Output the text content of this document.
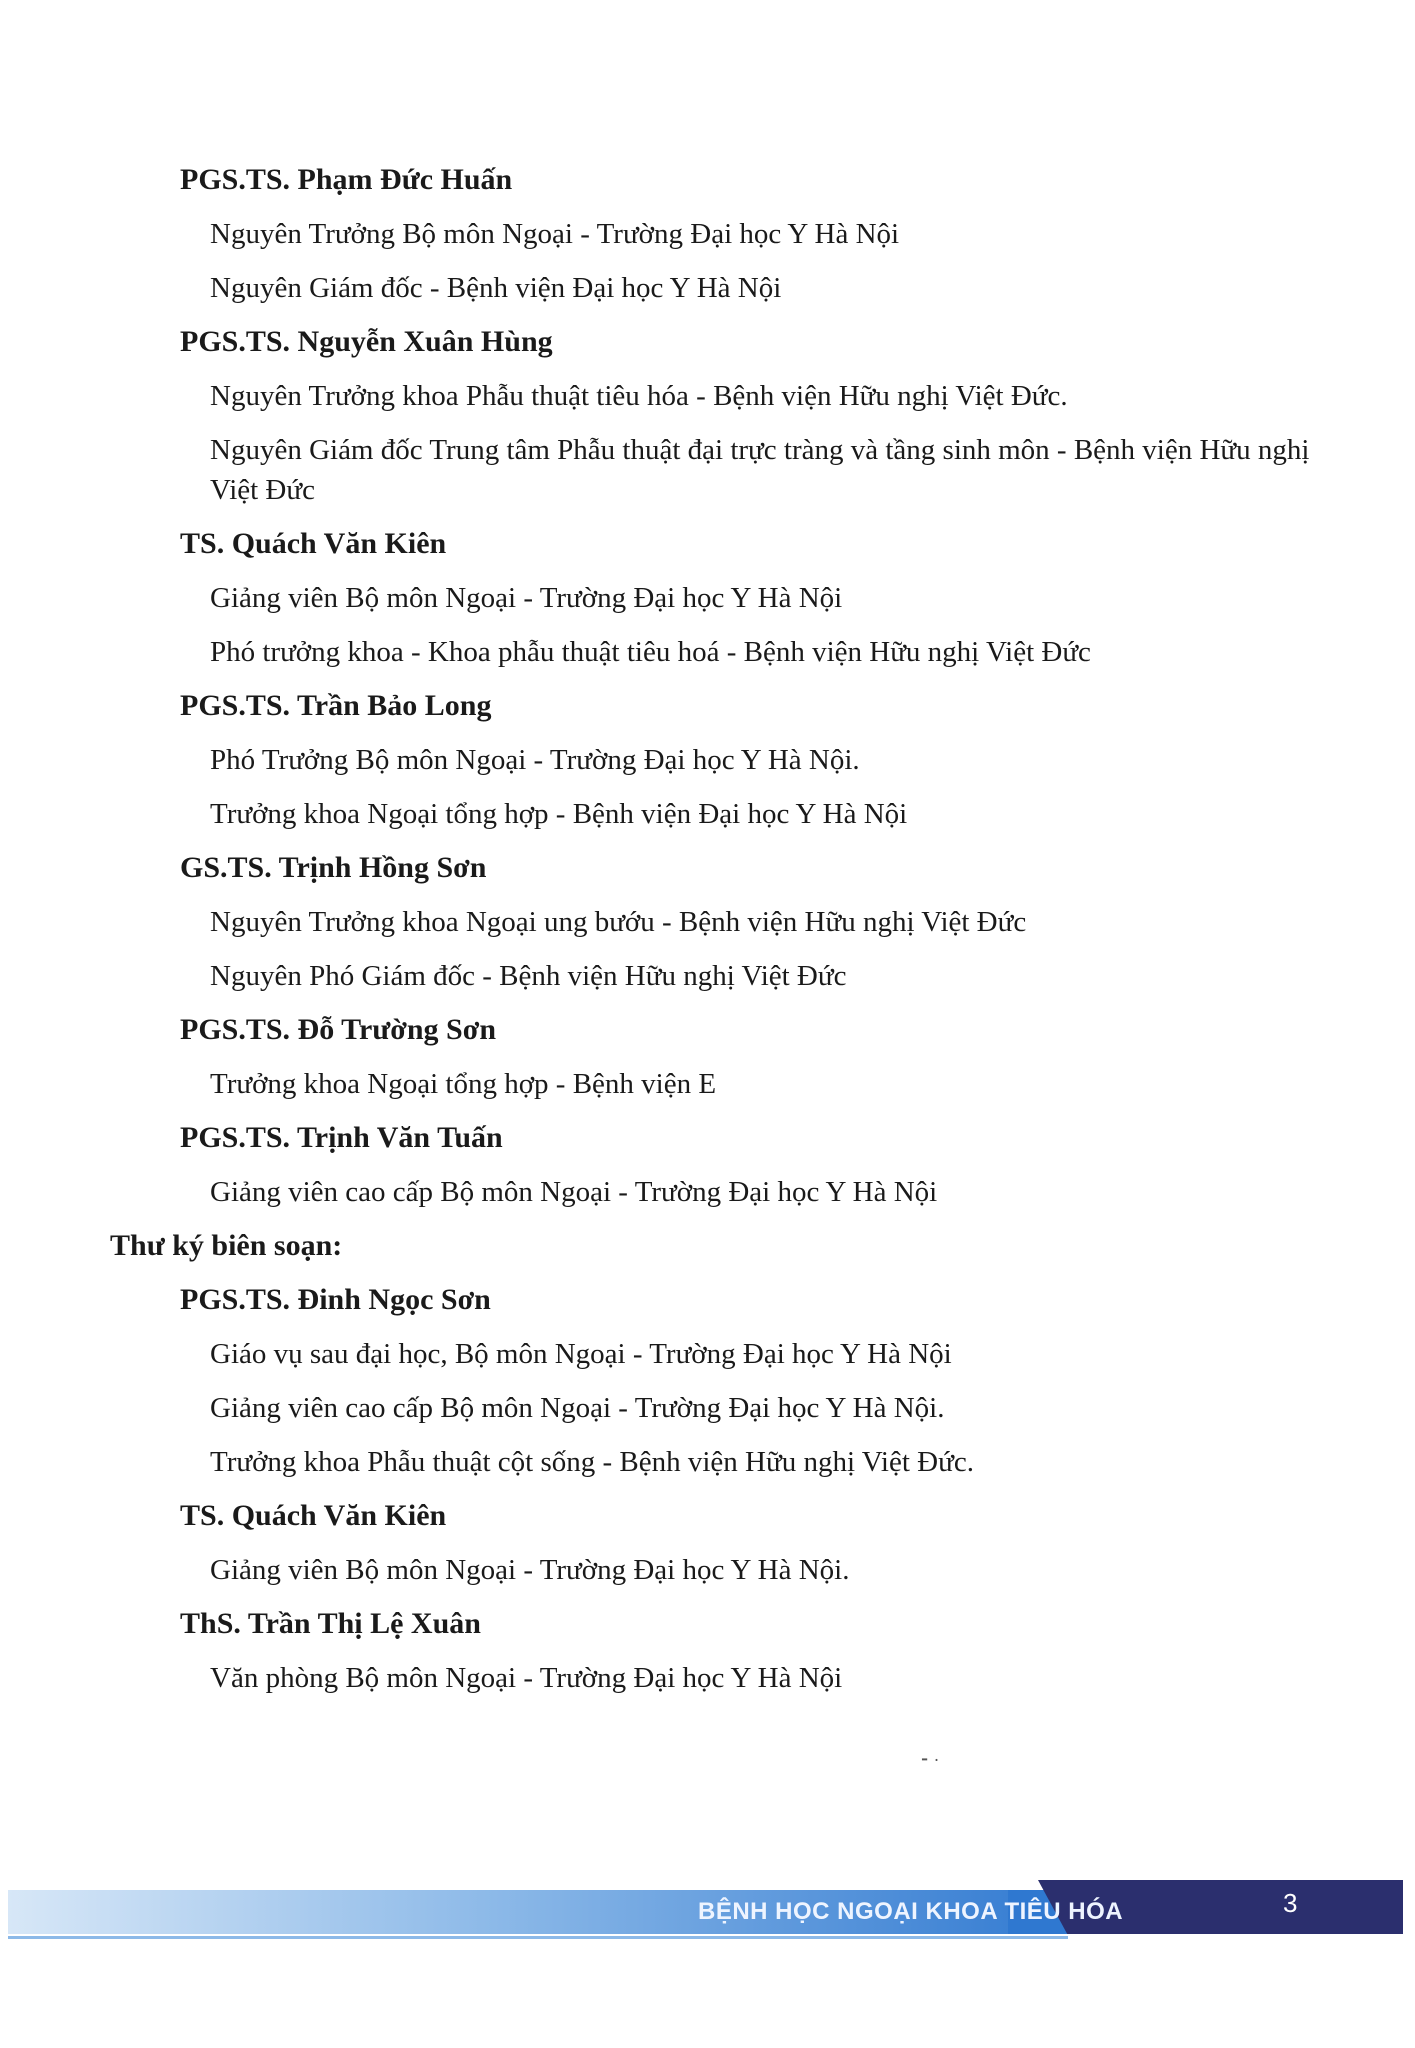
PGS.TS. Phạm Đức Huấn

Nguyên Trưởng Bộ môn Ngoại - Trường Đại học Y Hà Nội

Nguyên Giám đốc - Bệnh viện Đại học Y Hà Nội

PGS.TS. Nguyễn Xuân Hùng

Nguyên Trưởng khoa Phẫu thuật tiêu hóa - Bệnh viện Hữu nghị Việt Đức.

Nguyên Giám đốc Trung tâm Phẫu thuật đại trực tràng và tầng sinh môn - Bệnh viện Hữu nghị Việt Đức

TS. Quách Văn Kiên

Giảng viên Bộ môn Ngoại - Trường Đại học Y Hà Nội

Phó trưởng khoa - Khoa phẫu thuật tiêu hoá - Bệnh viện Hữu nghị Việt Đức

PGS.TS. Trần Bảo Long

Phó Trưởng Bộ môn Ngoại - Trường Đại học Y Hà Nội.

Trưởng khoa Ngoại tổng hợp - Bệnh viện Đại học Y Hà Nội

GS.TS. Trịnh Hồng Sơn

Nguyên Trưởng khoa Ngoại ung bướu - Bệnh viện Hữu nghị Việt Đức

Nguyên Phó Giám đốc - Bệnh viện Hữu nghị Việt Đức

PGS.TS. Đỗ Trường Sơn

Trưởng khoa Ngoại tổng hợp - Bệnh viện E

PGS.TS. Trịnh Văn Tuấn

Giảng viên cao cấp Bộ môn Ngoại - Trường Đại học Y Hà Nội

Thư ký biên soạn:

PGS.TS. Đinh Ngọc Sơn

Giáo vụ sau đại học, Bộ môn Ngoại - Trường Đại học Y Hà Nội

Giảng viên cao cấp Bộ môn Ngoại - Trường Đại học Y Hà Nội.

Trưởng khoa Phẫu thuật cột sống - Bệnh viện Hữu nghị Việt Đức.

TS. Quách Văn Kiên

Giảng viên Bộ môn Ngoại - Trường Đại học Y Hà Nội.

ThS. Trần Thị Lệ Xuân

Văn phòng Bộ môn Ngoại - Trường Đại học Y Hà Nội

⁃ ·
BỆNH HỌC NGOẠI KHOA TIÊU HÓA	3
